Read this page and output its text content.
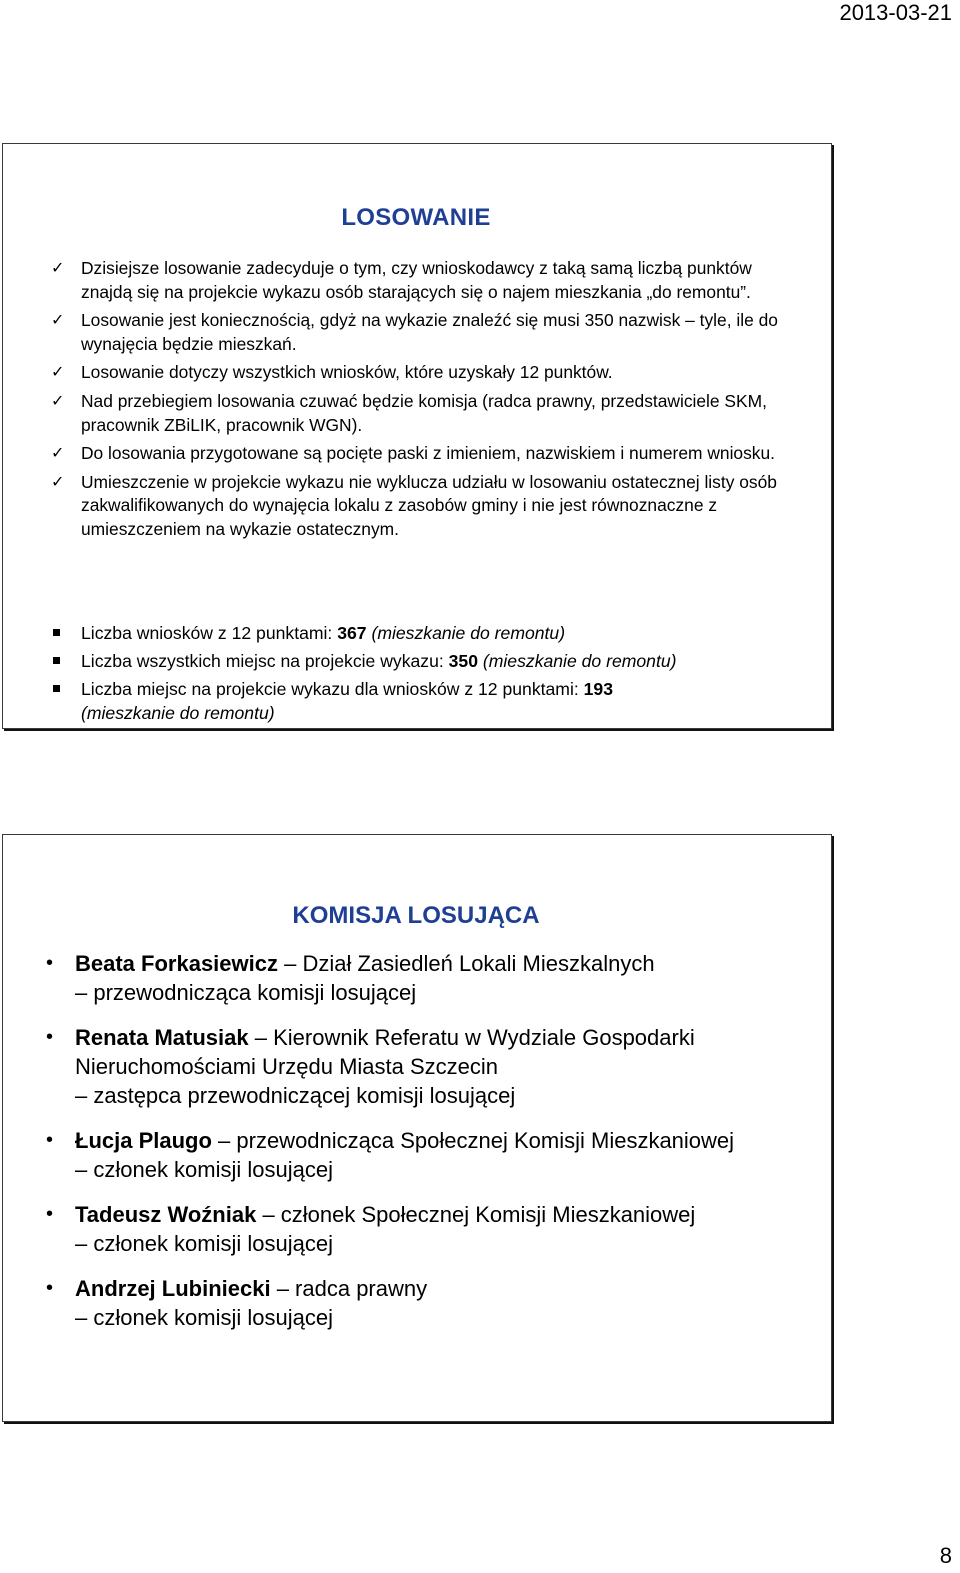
2013-03-21
LOSOWANIE
✓ Dzisiejsze losowanie zadecyduje o tym, czy wnioskodawcy z taką samą liczbą punktów znajdą się na projekcie wykazu osób starających się o najem mieszkania „do remontu”.
✓ Losowanie jest koniecznością, gdyż na wykazie znaleźć się musi 350 nazwisk – tyle, ile do wynajęcia będzie mieszkań.
✓ Losowanie dotyczy wszystkich wniosków, które uzyskały 12 punktów.
✓ Nad przebiegiem losowania czuwać będzie komisja (radca prawny, przedstawiciele SKM, pracownik ZBiLIK, pracownik WGN).
✓ Do losowania przygotowane są pocięte paski z imieniem, nazwiskiem i numerem wniosku.
✓ Umieszczenie w projekcie wykazu nie wyklucza udziału w losowaniu ostatecznej listy osób zakwalifikowanych do wynajęcia lokalu z zasobów gminy i nie jest równoznaczne z umieszczeniem na wykazie ostatecznym.
Liczba wniosków z 12 punktami: 367 (mieszkanie do remontu)
Liczba wszystkich miejsc na projekcie wykazu: 350 (mieszkanie do remontu)
Liczba miejsc na projekcie wykazu dla wniosków z 12 punktami: 193
(mieszkanie do remontu)
KOMISJA LOSUJĄCA
• Beata Forkasiewicz – Dział Zasiedleń Lokali Mieszkalnych
– przewodnicząca komisji losującej
• Renata Matusiak – Kierownik Referatu w Wydziale Gospodarki Nieruchomościami Urzędu Miasta Szczecin
– zastępca przewodniczącej komisji losującej
• Łucja Plaugo – przewodnicząca Społecznej Komisji Mieszkaniowej
– członek komisji losującej
• Tadeusz Woźniak – członek Społecznej Komisji Mieszkaniowej
– członek komisji losującej
• Andrzej Lubiniecki – radca prawny
– członek komisji losującej
8
